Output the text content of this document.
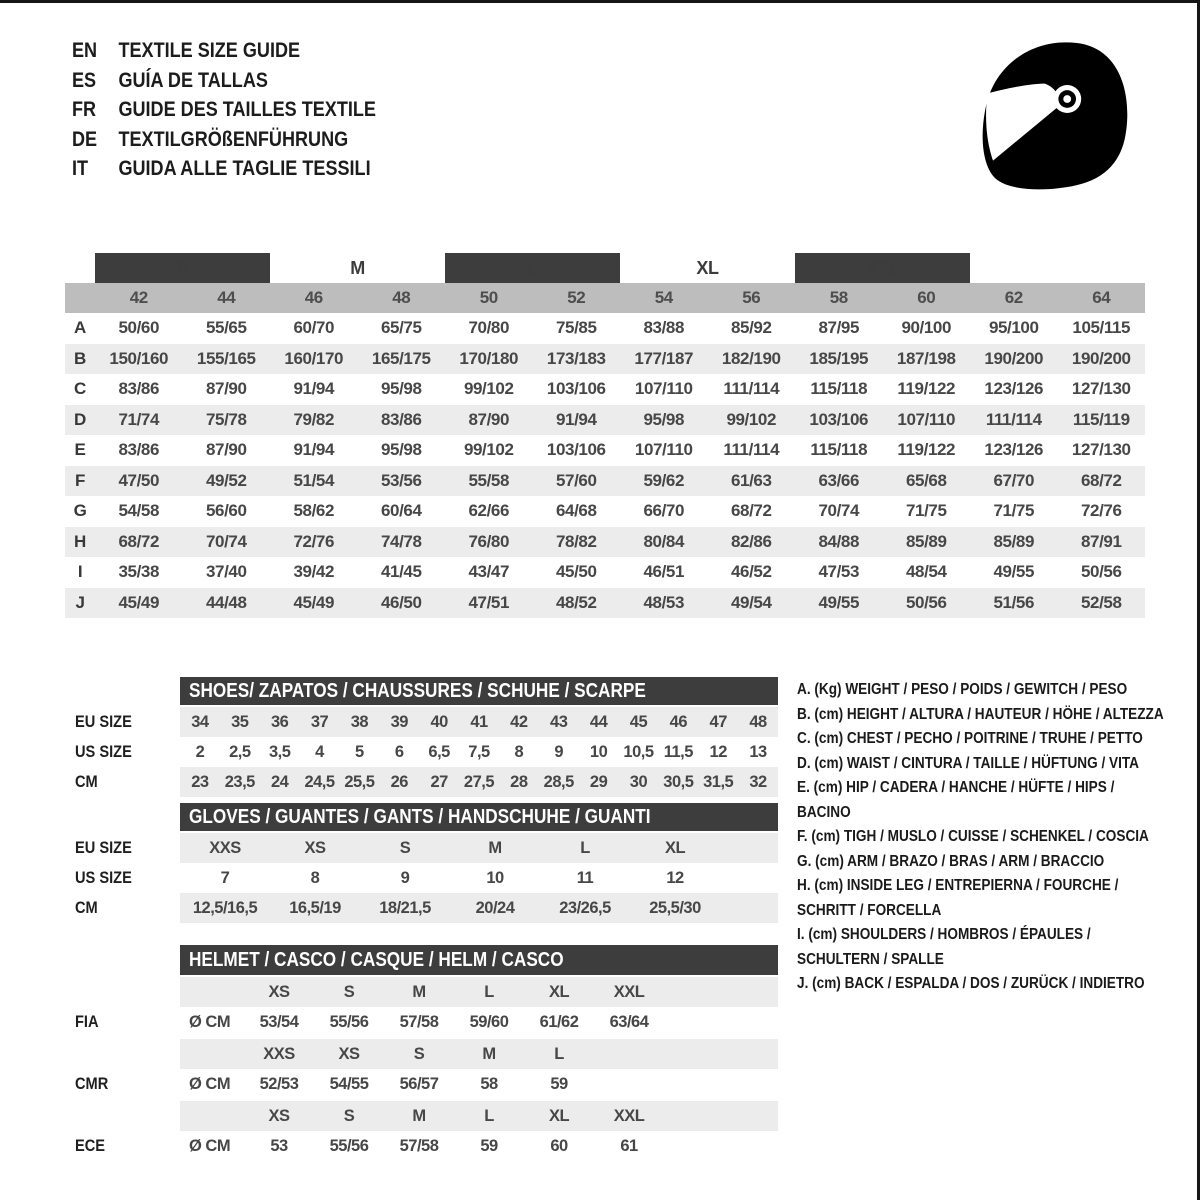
EN	TEXTILE SIZE GUIDE
ES	GUÍA DE TALLAS
FR	GUIDE DES TAILLES TEXTILE
DE	TEXTILGRÖßENFÜHRUNG
IT	GUIDA ALLE TAGLIE TESSILI
S	M	L	XL	XXL
42	44	46	48	50	52	54	56	58	60	62	64
A	50/60	55/65	60/70	65/75	70/80	75/85	83/88	85/92	87/95	90/100	95/100	105/115
B	150/160	155/165	160/170	165/175	170/180	173/183	177/187	182/190	185/195	187/198	190/200	190/200
C	83/86	87/90	91/94	95/98	99/102	103/106	107/110	111/114	115/118	119/122	123/126	127/130
D	71/74	75/78	79/82	83/86	87/90	91/94	95/98	99/102	103/106	107/110	111/114	115/119
E	83/86	87/90	91/94	95/98	99/102	103/106	107/110	111/114	115/118	119/122	123/126	127/130
F	47/50	49/52	51/54	53/56	55/58	57/60	59/62	61/63	63/66	65/68	67/70	68/72
G	54/58	56/60	58/62	60/64	62/66	64/68	66/70	68/72	70/74	71/75	71/75	72/76
H	68/72	70/74	72/76	74/78	76/80	78/82	80/84	82/86	84/88	85/89	85/89	87/91
I	35/38	37/40	39/42	41/45	43/47	45/50	46/51	46/52	47/53	48/54	49/55	50/56
J	45/49	44/48	45/49	46/50	47/51	48/52	48/53	49/54	49/55	50/56	51/56	52/58
SHOES/ ZAPATOS / CHAUSSURES / SCHUHE / SCARPE
EU SIZE	34	35	36	37	38	39	40	41	42	43	44	45	46	47	48
US SIZE	2	2,5	3,5	4	5	6	6,5	7,5	8	9	10 10,5 11,5	12	13
CM	23 23,5 24 24,5 25,5 26	27 27,5 28 28,5 29	30 30,5 31,5 32
GLOVES / GUANTES / GANTS / HANDSCHUHE / GUANTI
EU SIZE	XXS	XS	S	M	L	XL
US SIZE	7	8	9	10	11	12
CM	12,5/16,5	16,5/19	18/21,5	20/24	23/26,5	25,5/30
HELMET / CASCO / CASQUE / HELM / CASCO
XS	S	M	L	XL	XXL
FIA	Ø CM	53/54	55/56	57/58	59/60	61/62	63/64
XXS	XS	S	M	L
CMR	Ø CM	52/53	54/55	56/57	58	59
XS	S	M	L	XL	XXL
ECE	Ø CM	53	55/56	57/58	59	60	61
A. (Kg) WEIGHT / PESO / POIDS / GEWITCH / PESO
B. (cm) HEIGHT / ALTURA / HAUTEUR / HÖHE / ALTEZZA
C. (cm) CHEST / PECHO / POITRINE / TRUHE / PETTO
D. (cm) WAIST / CINTURA / TAILLE / HÜFTUNG / VITA
E. (cm) HIP / CADERA / HANCHE / HÜFTE / HIPS / BACINO
F. (cm) TIGH / MUSLO / CUISSE / SCHENKEL / COSCIA
G. (cm) ARM / BRAZO / BRAS / ARM / BRACCIO
H. (cm) INSIDE LEG / ENTREPIERNA / FOURCHE / SCHRITT / FORCELLA
I. (cm) SHOULDERS / HOMBROS / ÉPAULES / SCHULTERN / SPALLE
J. (cm) BACK / ESPALDA / DOS / ZURÜCK / INDIETRO
